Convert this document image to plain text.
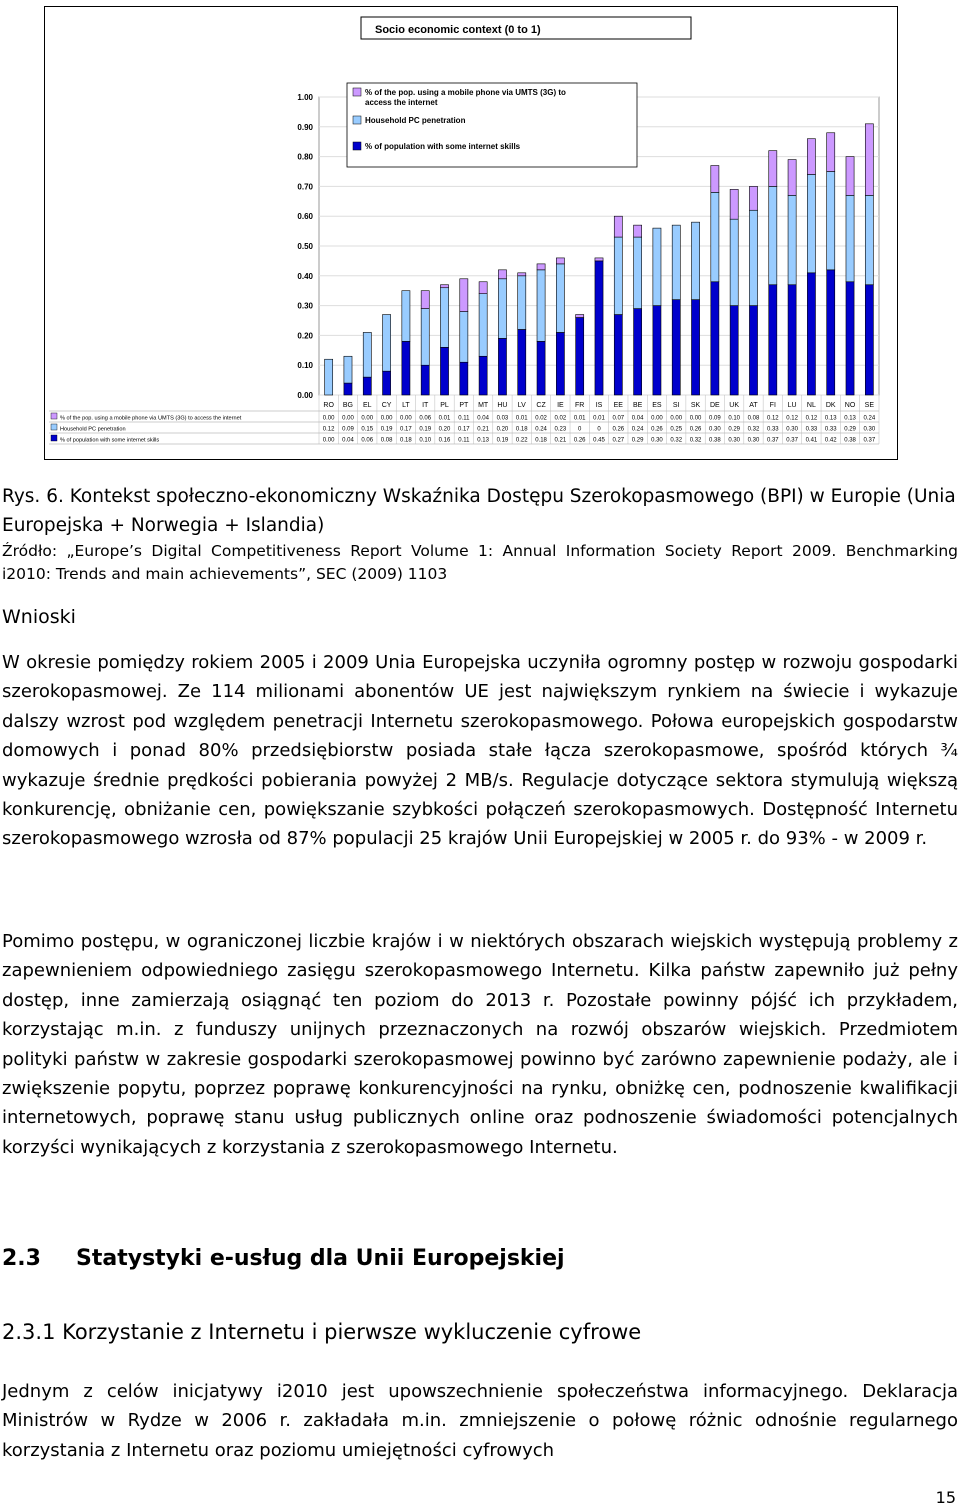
Socio economic context (0 to 1)
0.00
0.10
0.20
0.30
0.40
0.50
0.60
0.70
0.80
0.90
1.00
RO BG EL CY LT IT PL PT MT HU LV CZ IE FR IS EE BE ES SI SK DE UK AT FI LU NL DK NO SE
% of the pop. using a mobile phone via UMTS (3G) to
access the internet
Household PC penetration
% of population with some internet skills
% of the pop. using a mobile phone via UMTS (3G) to access the internet	0.00 0.00 0.00 0.00 0.00 0.06 0.01 0.11 0.04 0.03 0.01 0.02 0.02 0.01 0.01 0.07 0.04 0.00 0.00 0.00 0.09 0.10 0.08 0.12 0.12 0.12 0.13 0.13 0.24
Household PC penetration	0.12 0.09 0.15 0.19 0.17 0.19 0.20 0.17 0.21 0.20 0.18 0.24 0.23 0	0 0.26 0.24 0.26 0.25 0.26 0.30 0.29 0.32 0.33 0.30 0.33 0.33 0.29 0.30
% of population with some internet skills	0.00 0.04 0.06 0.08 0.18 0.10 0.16 0.11 0.13 0.19 0.22 0.18 0.21 0.26 0.45 0.27 0.29 0.30 0.32 0.32 0.38 0.30 0.30 0.37 0.37 0.41 0.42 0.38 0.37
Rys. 6. Kontekst społeczno-ekonomiczny Wskaźnika Dostępu Szerokopasmowego (BPI) w Europie (Unia Europejska + Norwegia + Islandia)
Źródło: „Europe’s Digital Competitiveness Report Volume 1: Annual Information Society Report 2009. Benchmarking i2010: Trends and main achievements”, SEC (2009) 1103
Wnioski
W okresie pomiędzy rokiem 2005 i 2009 Unia Europejska uczyniła ogromny postęp w rozwoju gospodarki szerokopasmowej. Ze 114 milionami abonentów UE jest największym rynkiem na świecie i wykazuje dalszy wzrost pod względem penetracji Internetu szerokopasmowego. Połowa europejskich gospodarstw domowych i ponad 80% przedsiębiorstw posiada stałe łącza szerokopasmowe, spośród których ¾ wykazuje średnie prędkości pobierania powyżej 2 MB/s. Regulacje dotyczące sektora stymulują większą konkurencję, obniżanie cen, powiększanie szybkości połączeń szerokopasmowych. Dostępność Internetu szerokopasmowego wzrosła od 87% populacji 25 krajów Unii Europejskiej w 2005 r. do 93% - w 2009 r.
Pomimo postępu, w ograniczonej liczbie krajów i w niektórych obszarach wiejskich występują problemy z zapewnieniem odpowiedniego zasięgu szerokopasmowego Internetu. Kilka państw zapewniło już pełny dostęp, inne zamierzają osiągnąć ten poziom do 2013 r. Pozostałe powinny pójść ich przykładem, korzystając m.in. z funduszy unijnych przeznaczonych na rozwój obszarów wiejskich. Przedmiotem polityki państw w zakresie gospodarki szerokopasmowej powinno być zarówno zapewnienie podaży, ale i zwiększenie popytu, poprzez poprawę konkurencyjności na rynku, obniżkę cen, podnoszenie kwalifikacji internetowych, poprawę stanu usług publicznych online oraz podnoszenie świadomości potencjalnych korzyści wynikających z korzystania z szerokopasmowego Internetu.
2.3 Statystyki e-usług dla Unii Europejskiej
2.3.1 Korzystanie z Internetu i pierwsze wykluczenie cyfrowe
Jednym z celów inicjatywy i2010 jest upowszechnienie społeczeństwa informacyjnego. Deklaracja Ministrów w Rydze w 2006 r. zakładała m.in. zmniejszenie o połowę różnic odnośnie regularnego korzystania z Internetu oraz poziomu umiejętności cyfrowych
15
